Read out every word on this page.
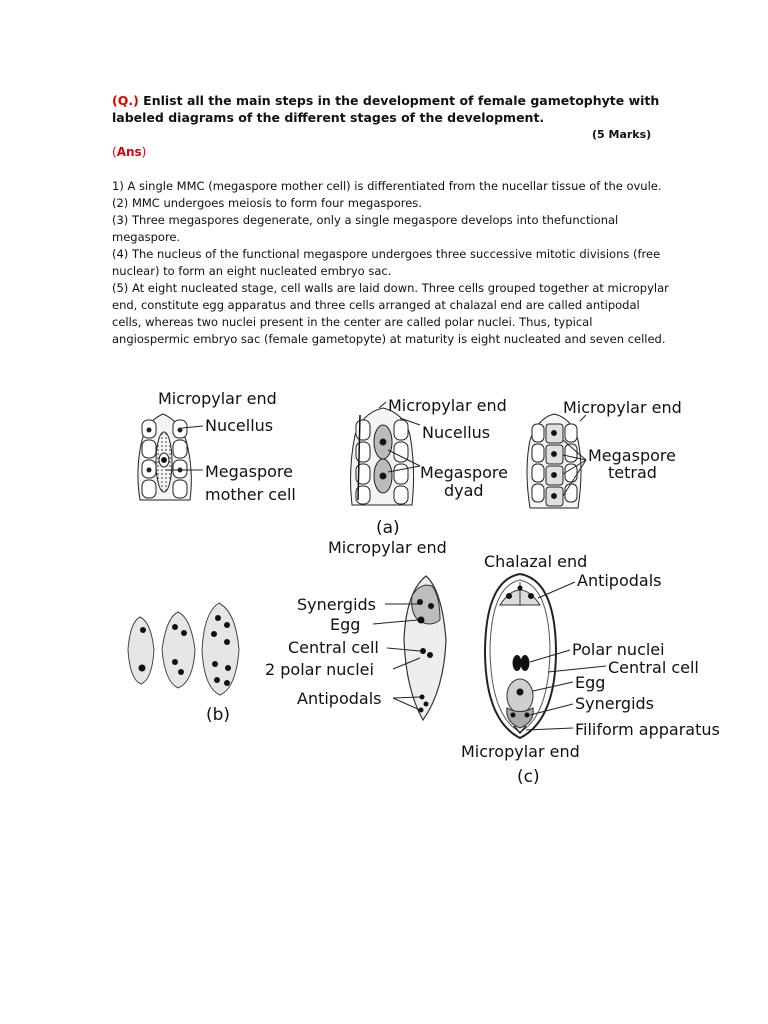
(Q.) Enlist all the main steps in the development of female gametophyte with labeled diagrams of the different stages of the development.
(5 Marks)
(Ans)

1) A single MMC (megaspore mother cell) is differentiated from the nucellar tissue of the ovule.

(2) MMC undergoes meiosis to form four megaspores.

(3) Three megaspores degenerate, only a single megaspore develops into thefunctional megaspore.

(4) The nucleus of the functional megaspore undergoes three successive mitotic divisions (free nuclear) to form an eight nucleated embryo sac.

(5) At eight nucleated stage, cell walls are laid down. Three cells grouped together at micropylar end, constitute egg apparatus and three cells arranged at chalazal end are called antipodal cells, whereas two nuclei present in the center are called polar nuclei. Thus, typical angiospermic embryo sac (female gametopyte) at maturity is eight nucleated and seven celled.

Micropylar end
Nucellus
Megaspore
mother cell
Micropylar end
Nucellus
Megaspore
dyad
Micropylar end
Megaspore
tetrad
(a)
Micropylar end
Synergids
Egg
Central cell
2 polar nuclei
Antipodals
(b)
Chalazal end
Antipodals
Polar nuclei
Central cell
Egg
Synergids
Filiform apparatus
Micropylar end
(c)
